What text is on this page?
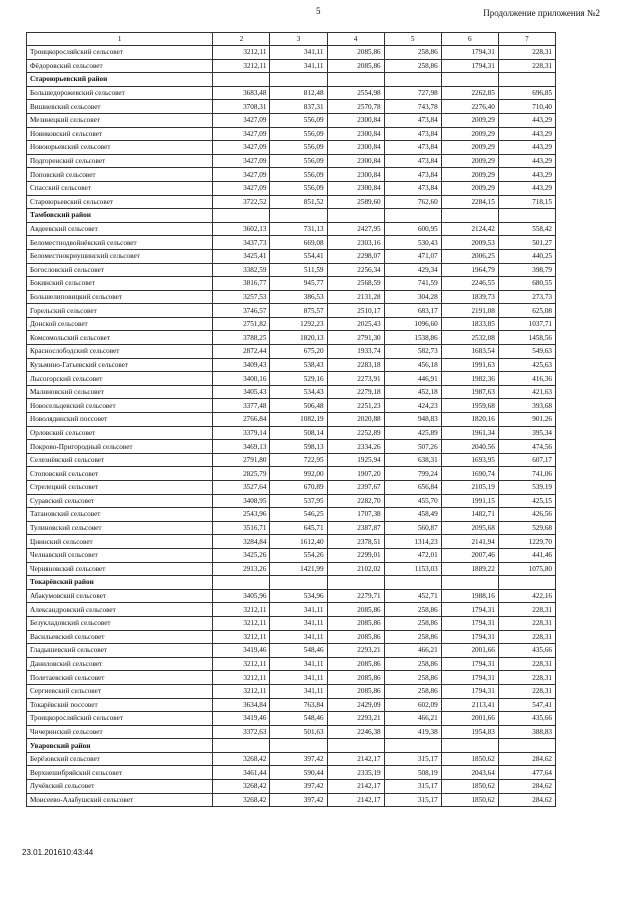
5	Продолжение приложения №2
1	2	3	4	5	6	7
Троицкоросляйский сельсовет	3212,11	341,11	2085,86	258,86	1794,31	228,31
Фёдоровский сельсовет	3212,11	341,11	2085,86	258,86	1794,31	228,31
Староюрьевский район						
Большедорожевский сельсовет	3683,48	812,48	2554,98	727,98	2262,85	696,85
Вишневский сельсовет	3708,31	837,31	2570,78	743,78	2276,40	710,40
Мезинецкий сельсовет	3427,09	556,09	2300,84	473,84	2009,29	443,29
Новиковский сельсовет	3427,09	556,09	2300,84	473,84	2009,29	443,29
Новоюрьевский сельсовет	3427,09	556,09	2300,84	473,84	2009,29	443,29
Подгоренский сельсовет	3427,09	556,09	2300,84	473,84	2009,29	443,29
Поповский сельсовет	3427,09	556,09	2300,84	473,84	2009,29	443,29
Спасский сельсовет	3427,09	556,09	2300,84	473,84	2009,29	443,29
Староюрьевский сельсовет	3722,52	851,52	2589,60	762,60	2284,15	718,15
Тамбовский район						
Авдеевский сельсовет	3602,13	731,13	2427,95	600,95	2124,42	558,42
Беломестнодвойнёвский сельсовет	3437,73	669,08	2303,16	530,43	2009,53	501,27
Беломестнокриушинский сельсовет	3425,41	554,41	2298,07	471,07	2006,25	440,25
Богословский сельсовет	3382,59	511,59	2256,34	429,34	1964,79	398,79
Бокинский сельсовет	3816,77	945,77	2568,59	741,59	2246,55	680,55
Большелиповицкий сельсовет	3257,53	386,53	2131,28	304,28	1839,73	273,73
Горельский сельсовет	3746,57	875,57	2510,17	683,17	2191,08	625,08
Донской сельсовет	2751,82	1292,23	2025,43	1096,60	1833,85	1037,71
Комсомольский сельсовет	3788,25	1820,13	2791,30	1538,86	2532,08	1458,56
Краснослободский сельсовет	2872,44	675,20	1933,74	582,73	1683,54	549,63
Кузьмино-Гатьевский сельсовет	3409,43	538,43	2283,18	456,18	1991,63	425,63
Лысогорский сельсовет	3400,16	529,16	2273,91	446,91	1982,36	416,36
Малиновский сельсовет	3405,43	534,43	2279,18	452,18	1987,63	421,63
Новосельцевский сельсовет	3377,48	506,48	2251,23	424,23	1959,68	393,68
Новолядинский поссовет	2766,84	1082,19	2020,88	948,83	1820,16	901,26
Орловский сельсовет	3379,14	508,14	2252,89	425,89	1961,34	395,34
Покрово-Пригородный сельсовет	3469,13	598,13	2334,26	507,26	2040,56	474,56
Селезнёвский сельсовет	2791,80	722,95	1925,94	638,31	1693,95	607,17
Стоповский сельсовет	2825,79	992,00	1907,20	799,24	1690,74	741,06
Стрелецкий сельсовет	3527,64	670,89	2397,67	656,84	2105,19	539,19
Суравский сельсовет	3408,95	537,95	2282,70	455,70	1991,15	425,15
Татановский сельсовет	2543,96	546,25	1707,38	458,49	1482,71	426,56
Тулиновский сельсовет	3516,71	645,71	2387,87	560,87	2095,68	529,68
Цнинский сельсовет	3284,84	1612,40	2378,51	1314,23	2141,94	1229,70
Челнавский сельсовет	3425,26	554,26	2299,01	472,01	2007,46	441,46
Черняновский сельсовет	2913,26	1421,99	2102,02	1153,03	1889,22	1075,80
Токарёвский район						
Абакумовский сельсовет	3405,96	534,96	2279,71	452,71	1988,16	422,16
Александровский сельсовет	3212,11	341,11	2085,86	258,86	1794,31	228,31
Безукладовский сельсовет	3212,11	341,11	2085,86	258,86	1794,31	228,31
Васильевский сельсовет	3212,11	341,11	2085,86	258,86	1794,31	228,31
Гладышевский сельсовет	3419,46	548,46	2293,21	466,21	2001,66	435,66
Даниловский сельсовет	3212,11	341,11	2085,86	258,86	1794,31	228,31
Полетаевский сельсовет	3212,11	341,11	2085,86	258,86	1794,31	228,31
Сергиевский сельсовет	3212,11	341,11	2085,86	258,86	1794,31	228,31
Токарёвский поссовет	3634,84	763,84	2429,09	602,09	2113,41	547,41
Троицкоросляйский сельсовет	3419,46	548,46	2293,21	466,21	2001,66	435,66
Чичеринский сельсовет	3372,63	501,63	2246,38	419,38	1954,83	388,83
Уваровский район						
Берёзовский сельсовет	3268,42	397,42	2142,17	315,17	1850,62	284,62
Верхнешибряйский сельсовет	3461,44	590,44	2335,19	508,19	2043,64	477,64
Лучёвский сельсовет	3268,42	397,42	2142,17	315,17	1850,62	284,62
Моисеево-Алабушский сельсовет	3268,42	397,42	2142,17	315,17	1850,62	284,62
23.01.201610:43:44
